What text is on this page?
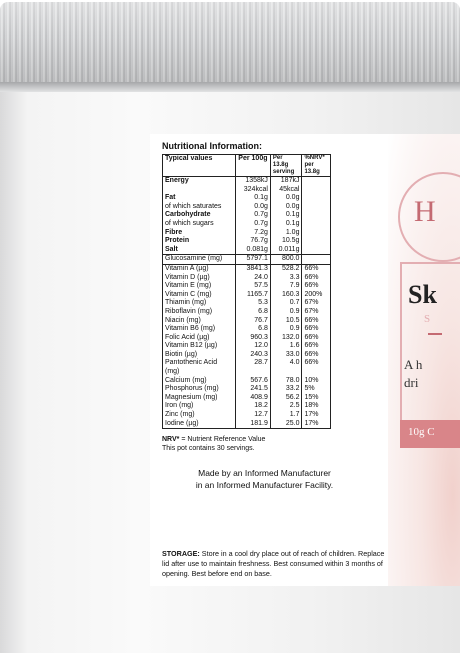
H
Sk
S
A h
dri
10g C
Nutritional Information:
Typical values	Per 100g	Per 13.8g serving	%NRV* per 13.8g
Energy	1358kJ	187kJ	
	324kcal	45kcal	
Fat	0.1g	0.0g	
of which saturates	0.0g	0.0g	
Carbohydrate	0.7g	0.1g	
of which sugars	0.7g	0.1g	
Fibre	7.2g	1.0g	
Protein	76.7g	10.5g	
Salt	0.081g	0.011g	
Glucosamine (mg)	5797.1	800.0	
Vitamin A (µg)	3841.3	528.2	66%
Vitamin D (µg)	24.0	3.3	66%
Vitamin E (mg)	57.5	7.9	66%
Vitamin C (mg)	1165.7	160.3	200%
Thiamin (mg)	5.3	0.7	67%
Riboflavin (mg)	6.8	0.9	67%
Niacin (mg)	76.7	10.5	66%
Vitamin B6 (mg)	6.8	0.9	66%
Folic Acid (µg)	960.3	132.0	66%
Vitamin B12 (µg)	12.0	1.6	66%
Biotin (µg)	240.3	33.0	66%
Pantothenic Acid (mg)	28.7	4.0	66%
Calcium (mg)	567.6	78.0	10%
Phosphorus (mg)	241.5	33.2	5%
Magnesium (mg)	408.9	56.2	15%
Iron (mg)	18.2	2.5	18%
Zinc (mg)	12.7	1.7	17%
Iodine (µg)	181.9	25.0	17%
NRV* = Nutrient Reference Value
This pot contains 30 servings.
Made by an Informed Manufacturer
in an Informed Manufacturer Facility.
STORAGE: Store in a cool dry place out of reach of children. Replace lid after use to maintain freshness. Best consumed within 3 months of opening. Best before end on base.
